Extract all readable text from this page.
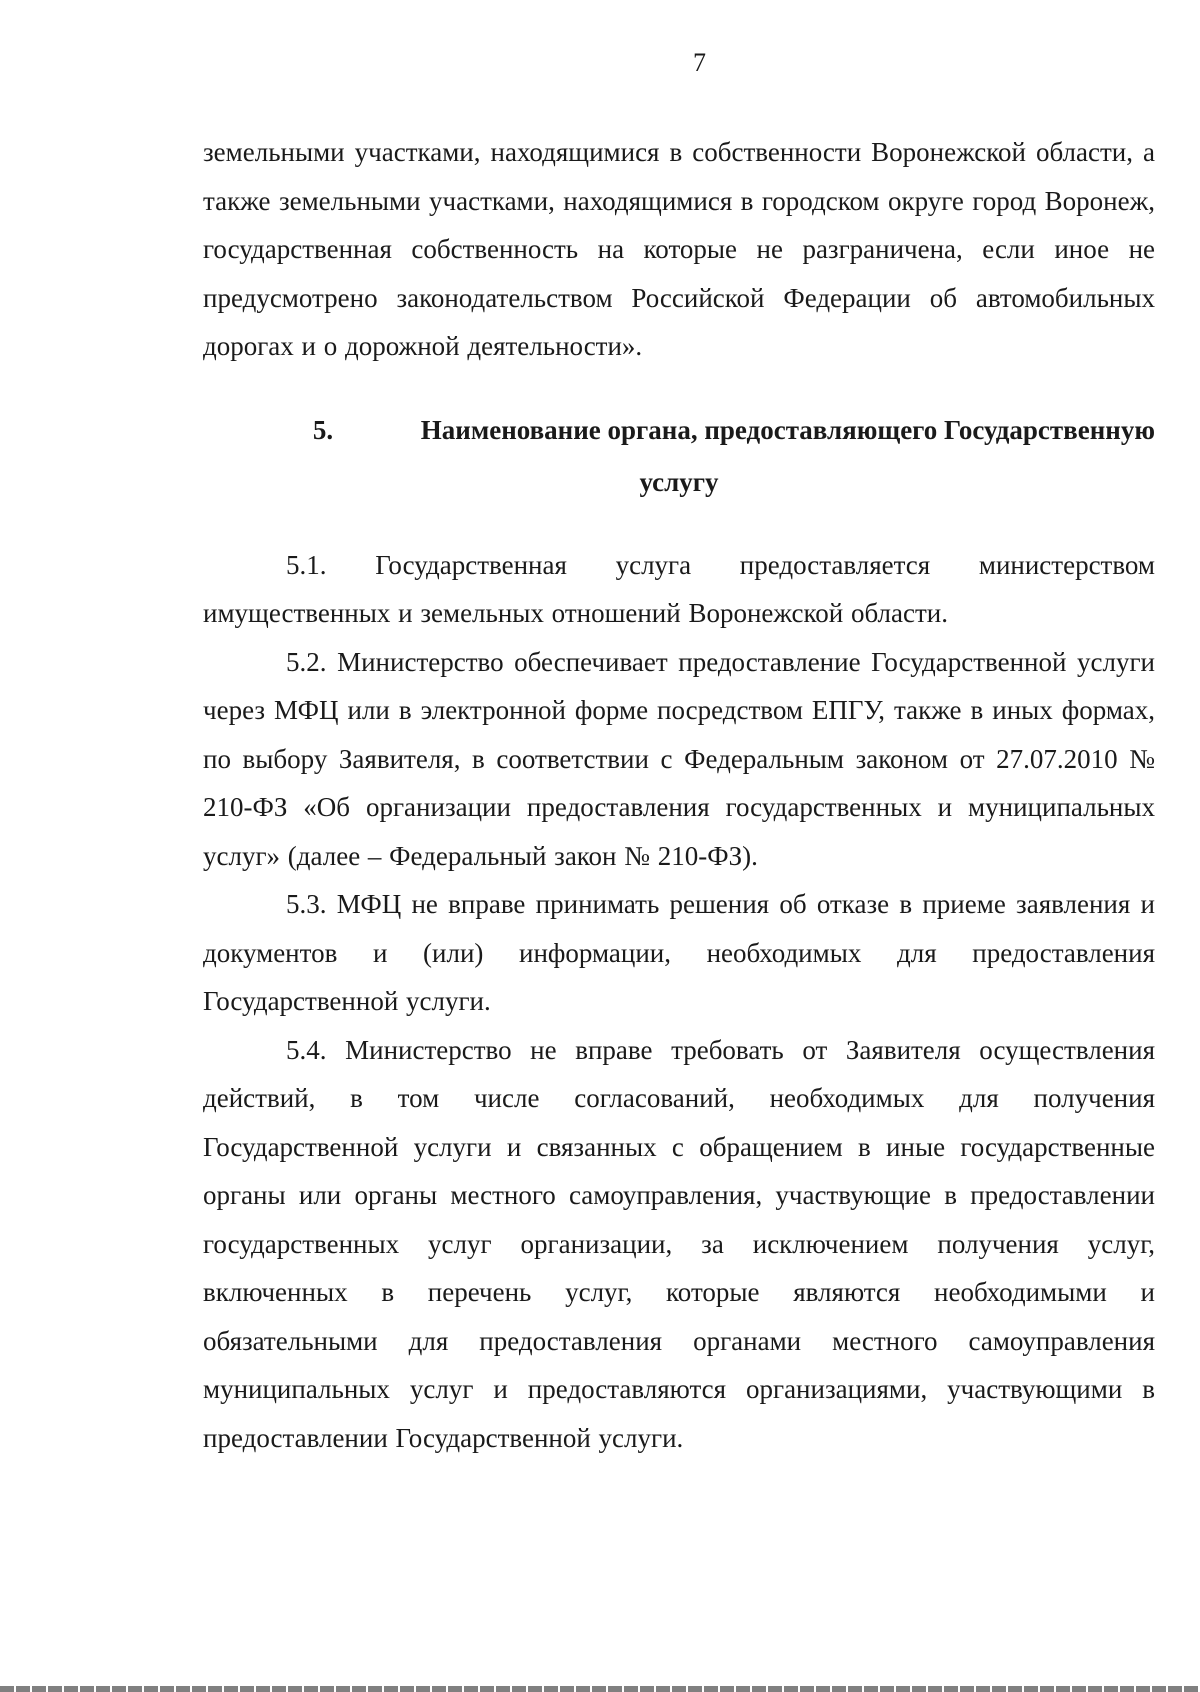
7

земельными участками, находящимися в собственности Воронежской области, а также земельными участками, находящимися в городском округе город Воронеж, государственная собственность на которые не разграничена, если иное не предусмотрено законодательством Российской Федерации об автомобильных дорогах и о дорожной деятельности».

5.	Наименование органа, предоставляющего Государственную
услугу

5.1. Государственная услуга предоставляется министерством имущественных и земельных отношений Воронежской области.

5.2. Министерство обеспечивает предоставление Государственной услуги через МФЦ или в электронной форме посредством ЕПГУ, также в иных формах, по выбору Заявителя, в соответствии с Федеральным законом от 27.07.2010 № 210-ФЗ «Об организации предоставления государственных и муниципальных услуг» (далее – Федеральный закон № 210-ФЗ).

5.3. МФЦ не вправе принимать решения об отказе в приеме заявления и документов и (или) информации, необходимых для предоставления Государственной услуги.

5.4. Министерство не вправе требовать от Заявителя осуществления действий, в том числе согласований, необходимых для получения Государственной услуги и связанных с обращением в иные государственные органы или органы местного самоуправления, участвующие в предоставлении государственных услуг организации, за исключением получения услуг, включенных в перечень услуг, которые являются необходимыми и обязательными для предоставления органами местного самоуправления муниципальных услуг и предоставляются организациями, участвующими в предоставлении Государственной услуги.
